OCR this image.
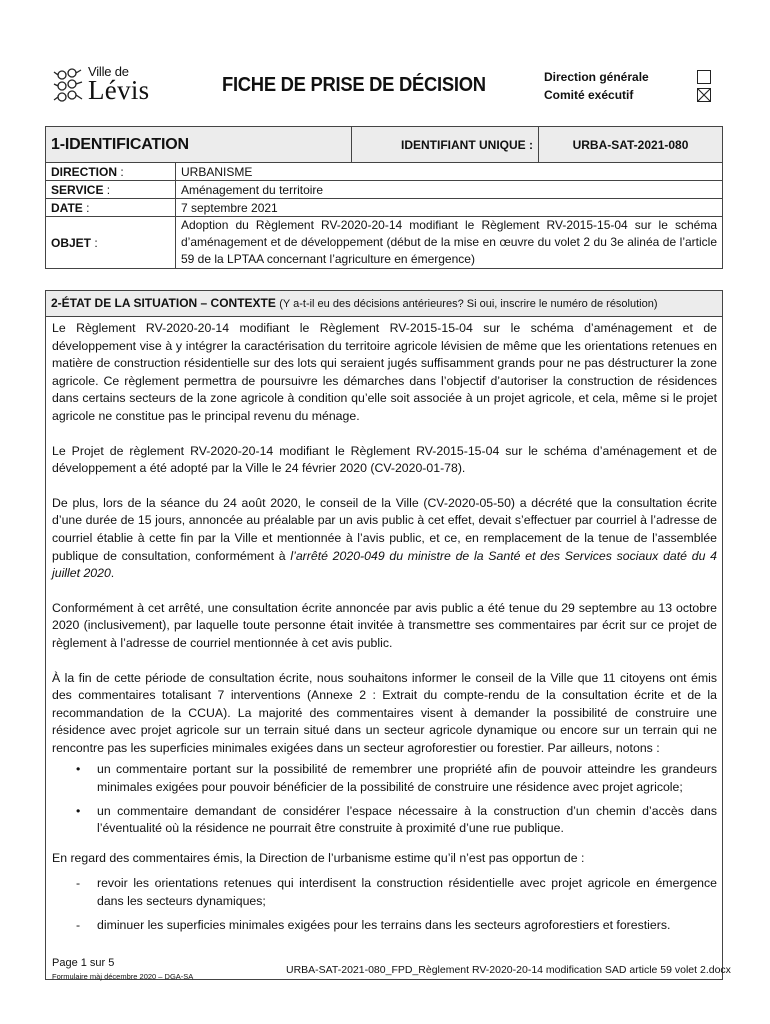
Ville de
Lévis	FICHE DE PRISE DE DÉCISION	Direction générale
Comité exécutif
1-IDENTIFICATION		IDENTIFIANT UNIQUE :	URBA-SAT-2021-080
DIRECTION :	URBANISME		
SERVICE :	Aménagement du territoire		
DATE :	7 septembre 2021		
OBJET :	Adoption du Règlement RV-2020-20-14 modifiant le Règlement RV-2015-15-04 sur le schéma d’aménagement et de développement (début de la mise en œuvre du volet 2 du 3e alinéa de l’article 59 de la LPTAA concernant l’agriculture en émergence)		
2-ÉTAT DE LA SITUATION – CONTEXTE (Y a-t-il eu des décisions antérieures? Si oui, inscrire le numéro de résolution)

Le Règlement RV-2020-20-14 modifiant le Règlement RV-2015-15-04 sur le schéma d’aménagement et de développement vise à y intégrer la caractérisation du territoire agricole lévisien de même que les orientations retenues en matière de construction résidentielle sur des lots qui seraient jugés suffisamment grands pour ne pas déstructurer la zone agricole. Ce règlement permettra de poursuivre les démarches dans l’objectif d’autoriser la construction de résidences dans certains secteurs de la zone agricole à condition qu’elle soit associée à un projet agricole, et cela, même si le projet agricole ne constitue pas le principal revenu du ménage.

Le Projet de règlement RV-2020-20-14 modifiant le Règlement RV-2015-15-04 sur le schéma d’aménagement et de développement a été adopté par la Ville le 24 février 2020 (CV-2020-01-78).

De plus, lors de la séance du 24 août 2020, le conseil de la Ville (CV-2020-05-50) a décrété que la consultation écrite d’une durée de 15 jours, annoncée au préalable par un avis public à cet effet, devait s’effectuer par courriel à l’adresse de courriel établie à cette fin par la Ville et mentionnée à l’avis public, et ce, en remplacement de la tenue de l’assemblée publique de consultation, conformément à l’arrêté 2020-049 du ministre de la Santé et des Services sociaux daté du 4 juillet 2020.

Conformément à cet arrêté, une consultation écrite annoncée par avis public a été tenue du 29 septembre au 13 octobre 2020 (inclusivement), par laquelle toute personne était invitée à transmettre ses commentaires par écrit sur ce projet de règlement à l’adresse de courriel mentionnée à cet avis public.

À la fin de cette période de consultation écrite, nous souhaitons informer le conseil de la Ville que 11 citoyens ont émis des commentaires totalisant 7 interventions (Annexe 2 : Extrait du compte-rendu de la consultation écrite et de la recommandation de la CCUA). La majorité des commentaires visent à demander la possibilité de construire une résidence avec projet agricole sur un terrain situé dans un secteur agricole dynamique ou encore sur un terrain qui ne rencontre pas les superficies minimales exigées dans un secteur agroforestier ou forestier. Par ailleurs, notons :

• un commentaire portant sur la possibilité de remembrer une propriété afin de pouvoir atteindre les grandeurs minimales exigées pour pouvoir bénéficier de la possibilité de construire une résidence avec projet agricole;
• un commentaire demandant de considérer l’espace nécessaire à la construction d’un chemin d’accès dans l’éventualité où la résidence ne pourrait être construite à proximité d’une rue publique.

En regard des commentaires émis, la Direction de l’urbanisme estime qu’il n’est pas opportun de :

- revoir les orientations retenues qui interdisent la construction résidentielle avec projet agricole en émergence dans les secteurs dynamiques;
- diminuer les superficies minimales exigées pour les terrains dans les secteurs agroforestiers et forestiers.
Page 1 sur 5
Formulaire màj décembre 2020 – DGA-SA
URBA-SAT-2021-080_FPD_Règlement RV-2020-20-14 modification SAD article 59 volet 2.docx
